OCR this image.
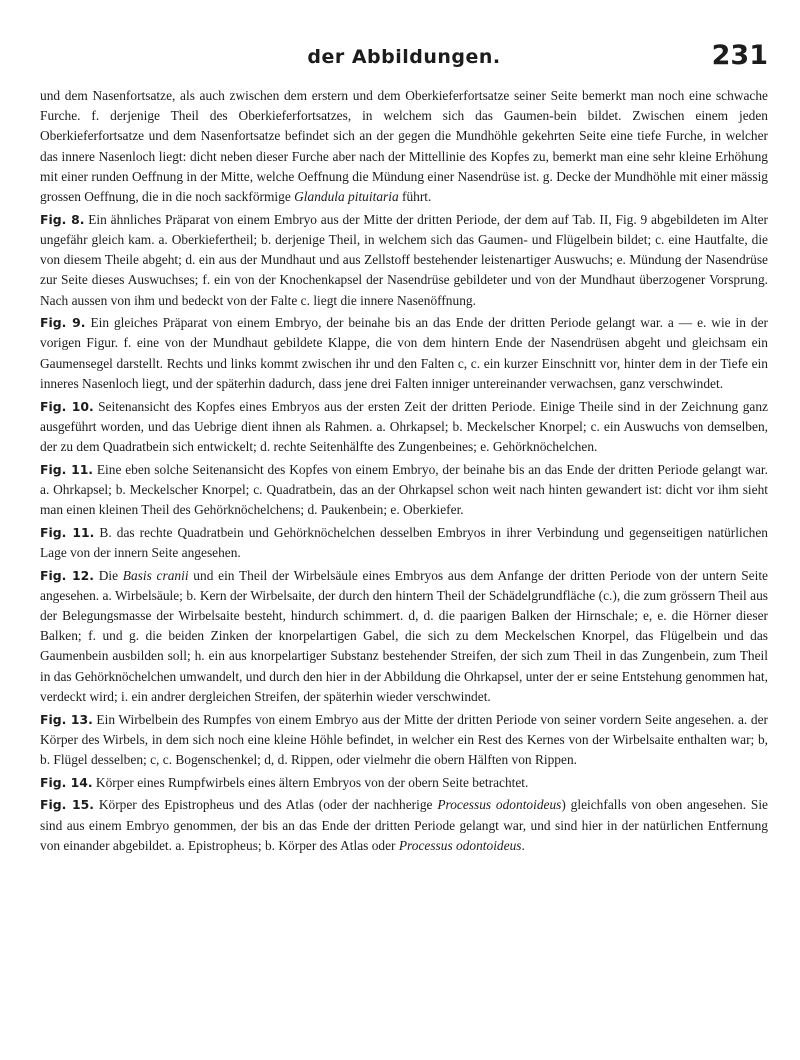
der Abbildungen.	231

und dem Nasenfortsatze, als auch zwischen dem erstern und dem Oberkieferfortsatze seiner Seite bemerkt man noch eine schwache Furche. f. derjenige Theil des Oberkieferfortsatzes, in welchem sich das Gaumen-bein bildet. Zwischen einem jeden Oberkieferfortsatze und dem Nasenfortsatze befindet sich an der gegen die Mundhöhle gekehrten Seite eine tiefe Furche, in welcher das innere Nasenloch liegt: dicht neben dieser Furche aber nach der Mittellinie des Kopfes zu, bemerkt man eine sehr kleine Erhöhung mit einer runden Oeffnung in der Mitte, welche Oeffnung die Mündung einer Nasendrüse ist. g. Decke der Mundhöhle mit einer mässig grossen Oeffnung, die in die noch sackförmige Glandula pituitaria führt.

Fig. 8. Ein ähnliches Präparat von einem Embryo aus der Mitte der dritten Periode, der dem auf Tab. II, Fig. 9 abgebildeten im Alter ungefähr gleich kam. a. Oberkiefertheil; b. derjenige Theil, in welchem sich das Gaumen- und Flügelbein bildet; c. eine Hautfalte, die von diesem Theile abgeht; d. ein aus der Mundhaut und aus Zellstoff bestehender leistenartiger Auswuchs; e. Mündung der Nasendrüse zur Seite dieses Auswuchses; f. ein von der Knochenkapsel der Nasendrüse gebildeter und von der Mundhaut überzogener Vorsprung. Nach aussen von ihm und bedeckt von der Falte c. liegt die innere Nasenöffnung.

Fig. 9. Ein gleiches Präparat von einem Embryo, der beinahe bis an das Ende der dritten Periode gelangt war. a — e. wie in der vorigen Figur. f. eine von der Mundhaut gebildete Klappe, die von dem hintern Ende der Nasendrüsen abgeht und gleichsam ein Gaumensegel darstellt. Rechts und links kommt zwischen ihr und den Falten c, c. ein kurzer Einschnitt vor, hinter dem in der Tiefe ein inneres Nasenloch liegt, und der späterhin dadurch, dass jene drei Falten inniger untereinander verwachsen, ganz verschwindet.

Fig. 10. Seitenansicht des Kopfes eines Embryos aus der ersten Zeit der dritten Periode. Einige Theile sind in der Zeichnung ganz ausgeführt worden, und das Uebrige dient ihnen als Rahmen. a. Ohrkapsel; b. Meckelscher Knorpel; c. ein Auswuchs von demselben, der zu dem Quadratbein sich entwickelt; d. rechte Seitenhälfte des Zungenbeines; e. Gehörknöchelchen.

Fig. 11. Eine eben solche Seitenansicht des Kopfes von einem Embryo, der beinahe bis an das Ende der dritten Periode gelangt war. a. Ohrkapsel; b. Meckelscher Knorpel; c. Quadratbein, das an der Ohrkapsel schon weit nach hinten gewandert ist: dicht vor ihm sieht man einen kleinen Theil des Gehörknöchelchens; d. Paukenbein; e. Oberkiefer.

Fig. 11. B. das rechte Quadratbein und Gehörknöchelchen desselben Embryos in ihrer Verbindung und gegenseitigen natürlichen Lage von der innern Seite angesehen.

Fig. 12. Die Basis cranii und ein Theil der Wirbelsäule eines Embryos aus dem Anfange der dritten Periode von der untern Seite angesehen. a. Wirbelsäule; b. Kern der Wirbelsaite, der durch den hintern Theil der Schädelgrundfläche (c.), die zum grössern Theil aus der Belegungsmasse der Wirbelsaite besteht, hindurch schimmert. d, d. die paarigen Balken der Hirnschale; e, e. die Hörner dieser Balken; f. und g. die beiden Zinken der knorpelartigen Gabel, die sich zu dem Meckelschen Knorpel, das Flügelbein und das Gaumenbein ausbilden soll; h. ein aus knorpelartiger Substanz bestehender Streifen, der sich zum Theil in das Zungenbein, zum Theil in das Gehörknöchelchen umwandelt, und durch den hier in der Abbildung die Ohrkapsel, unter der er seine Entstehung genommen hat, verdeckt wird; i. ein andrer dergleichen Streifen, der späterhin wieder verschwindet.

Fig. 13. Ein Wirbelbein des Rumpfes von einem Embryo aus der Mitte der dritten Periode von seiner vordern Seite angesehen. a. der Körper des Wirbels, in dem sich noch eine kleine Höhle befindet, in welcher ein Rest des Kernes von der Wirbelsaite enthalten war; b, b. Flügel desselben; c, c. Bogenschenkel; d, d. Rippen, oder vielmehr die obern Hälften von Rippen.

Fig. 14. Körper eines Rumpfwirbels eines ältern Embryos von der obern Seite betrachtet.

Fig. 15. Körper des Epistropheus und des Atlas (oder der nachherige Processus odontoideus) gleichfalls von oben angesehen. Sie sind aus einem Embryo genommen, der bis an das Ende der dritten Periode gelangt war, und sind hier in der natürlichen Entfernung von einander abgebildet. a. Epistropheus; b. Körper des Atlas oder Processus odontoideus.
